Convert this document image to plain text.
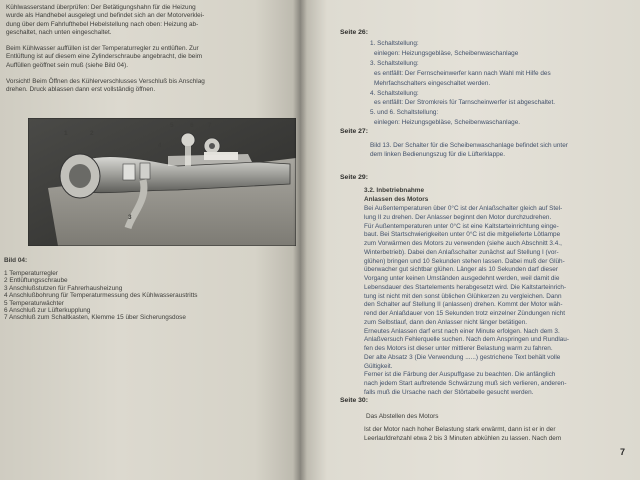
Kühlwasserstand überprüfen: Der Betätigungshahn für die Heizung
wurde als Handhebel ausgelegt und befindet sich an der Motorverklei-
dung über dem Fahrlufthebel Hebelstellung nach oben: Heizung ab-
geschaltet, nach unten eingeschaltet.
Beim Kühlwasser auffüllen ist der Temperaturregler zu entlüften. Zur
Entlüftung ist auf diesem eine Zylinderschraube angebracht, die beim
Auffüllen geöffnet sein muß (siehe Bild 04).
Vorsicht! Beim Öffnen des Kühlerverschlusses Verschluß bis Anschlag
drehen. Druck ablassen dann erst vollständig öffnen.
1	2
3
4
5	6 7
Bild 04:
1 Temperaturregler
2 Entlüftungsschraube
3 Anschlußstutzen für Fahrerhausheizung
4 Anschlußbohrung für Temperaturmessung des Kühlwasseraustritts
5 Temperaturwächter
6 Anschluß zur Lüfterkupplung
7 Anschluß zum Schaltkasten, Klemme 15 über Sicherungsdose
Seite 26:
1. Schaltstellung:
einlegen: Heizungsgebläse, Scheibenwaschanlage
3. Schaltstellung:
es entfällt: Der Fernscheinwerfer kann nach Wahl mit Hilfe des
Mehrfachschalters eingeschaltet werden.
4. Schaltstellung:
es entfällt: Der Stromkreis für Tarnscheinwerfer ist abgeschaltet.
5. und 6. Schaltstellung:
einlegen: Heizungsgebläse, Scheibenwaschanlage.
Seite 27:
Bild 13. Der Schalter für die Scheibenwaschanlage befindet sich unter
dem linken Bedienungszug für die Lüfterklappe.
Seite 29:
3.2. Inbetriebnahme
Anlassen des Motors
Bei Außentemperaturen über 0°C ist der Anlaßschalter gleich auf Stel-
lung II zu drehen. Der Anlasser beginnt den Motor durchzudrehen.
Für Außentemperaturen unter 0°C ist eine Kaltstarteinrichtung einge-
baut. Bei Startschwierigkeiten unter 0°C ist die mitgelieferte Lötlampe
zum Vorwärmen des Motors zu verwenden (siehe auch Abschnitt 3.4.,
Winterbetrieb). Dabei den Anlaßschalter zunächst auf Stellung I (vor-
glühen) bringen und 10 Sekunden stehen lassen. Dabei muß der Glüh-
überwacher gut sichtbar glühen. Länger als 10 Sekunden darf dieser
Vorgang unter keinen Umständen ausgedehnt werden, weil damit die
Lebensdauer des Startelements herabgesetzt wird. Die Kaltstarteinrich-
tung ist nicht mit den sonst üblichen Glühkerzen zu vergleichen. Dann
den Schalter auf Stellung II (anlassen) drehen. Kommt der Motor wäh-
rend der Anlaßdauer von 15 Sekunden trotz einzelner Zündungen nicht
zum Selbstlauf, dann den Anlasser nicht länger betätigen.
Erneutes Anlassen darf erst nach einer Minute erfolgen. Nach dem 3.
Anlaßversuch Fehlerquelle suchen. Nach dem Anspringen und Rundlau-
fen des Motors ist dieser unter mittlerer Belastung warm zu fahren.
Der alte Absatz 3 (Die Verwendung ......) gestrichene Text behält volle
Gültigkeit.
Ferner ist die Färbung der Auspuffgase zu beachten. Die anfänglich
nach jedem Start auftretende Schwärzung muß sich verlieren, anderen-
falls muß die Ursache nach der Störtabelle gesucht werden.
Seite 30:
Das Abstellen des Motors
Ist der Motor nach hoher Belastung stark erwärmt, dann ist er in der
Leerlaufdrehzahl etwa 2 bis 3 Minuten abkühlen zu lassen. Nach dem
7
